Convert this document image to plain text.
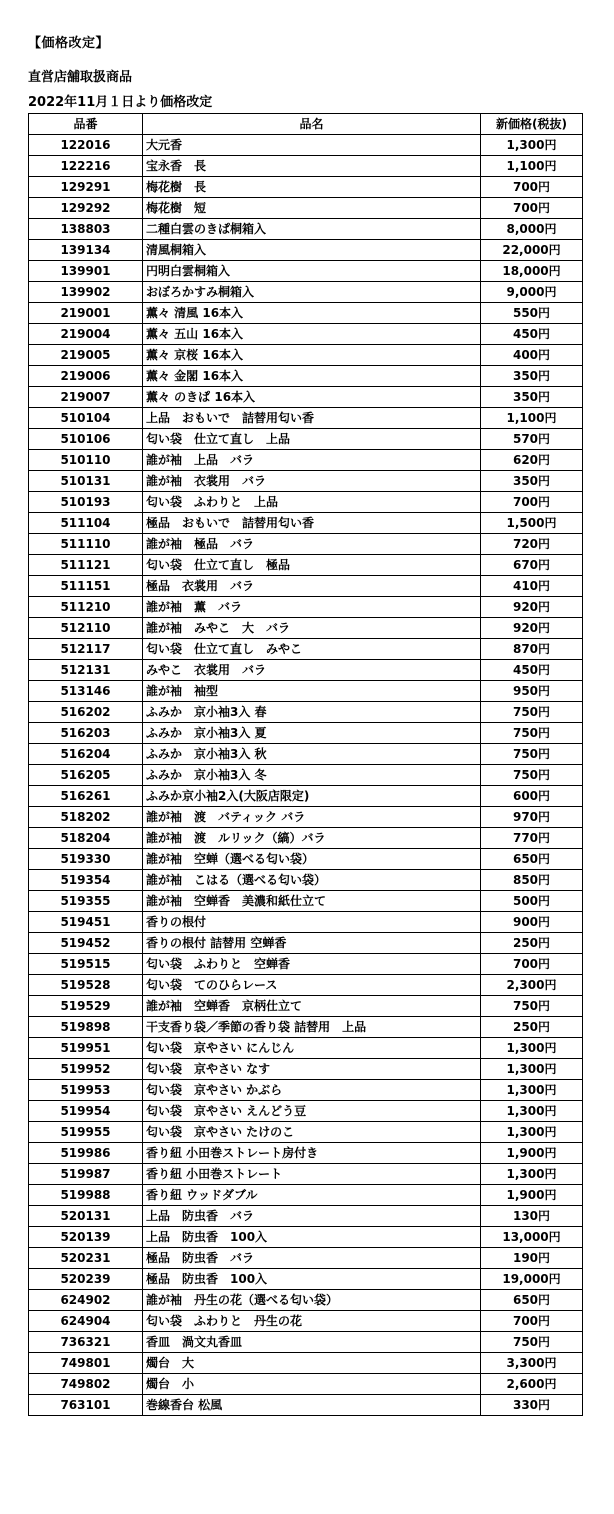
【価格改定】
直営店舗取扱商品
2022年11月１日より価格改定
品番	品名	新価格(税抜)
122016	大元香	1,300円
122216	宝永香　長	1,100円
129291	梅花樹　長	700円
129292	梅花樹　短	700円
138803	二種白雲のきぱ桐箱入	8,000円
139134	清風桐箱入	22,000円
139901	円明白雲桐箱入	18,000円
139902	おぼろかすみ桐箱入	9,000円
219001	薫々 清風 16本入	550円
219004	薫々 五山 16本入	450円
219005	薫々 京桜 16本入	400円
219006	薫々 金閣 16本入	350円
219007	薫々 のきぱ 16本入	350円
510104	上品　おもいで　詰替用匂い香	1,100円
510106	匂い袋　仕立て直し　上品	570円
510110	誰が袖　上品　バラ	620円
510131	誰が袖　衣裳用　バラ	350円
510193	匂い袋　ふわりと　上品	700円
511104	極品　おもいで　詰替用匂い香	1,500円
511110	誰が袖　極品　バラ	720円
511121	匂い袋　仕立て直し　極品	670円
511151	極品　衣裳用　バラ	410円
511210	誰が袖　薫　バラ	920円
512110	誰が袖　みやこ　大　バラ	920円
512117	匂い袋　仕立て直し　みやこ	870円
512131	みやこ　衣裳用　バラ	450円
513146	誰が袖　袖型	950円
516202	ふみか　京小袖3入 春	750円
516203	ふみか　京小袖3入 夏	750円
516204	ふみか　京小袖3入 秋	750円
516205	ふみか　京小袖3入 冬	750円
516261	ふみか京小袖2入(大阪店限定)	600円
518202	誰が袖　渡　バティック バラ	970円
518204	誰が袖　渡　ルリック（縞）バラ	770円
519330	誰が袖　空蝉（選べる匂い袋）	650円
519354	誰が袖　こはる（選べる匂い袋）	850円
519355	誰が袖　空蝉香　美濃和紙仕立て	500円
519451	香りの根付	900円
519452	香りの根付 詰替用 空蝉香	250円
519515	匂い袋　ふわりと　空蝉香	700円
519528	匂い袋　てのひらレース	2,300円
519529	誰が袖　空蝉香　京柄仕立て	750円
519898	干支香り袋／季節の香り袋 詰替用　上品	250円
519951	匂い袋　京やさい にんじん	1,300円
519952	匂い袋　京やさい なす	1,300円
519953	匂い袋　京やさい かぶら	1,300円
519954	匂い袋　京やさい えんどう豆	1,300円
519955	匂い袋　京やさい たけのこ	1,300円
519986	香り紐 小田巻ストレート房付き	1,900円
519987	香り紐 小田巻ストレート	1,300円
519988	香り紐 ウッドダブル	1,900円
520131	上品　防虫香　バラ	130円
520139	上品　防虫香　100入	13,000円
520231	極品　防虫香　バラ	190円
520239	極品　防虫香　100入	19,000円
624902	誰が袖　丹生の花（選べる匂い袋）	650円
624904	匂い袋　ふわりと　丹生の花	700円
736321	香皿　渦文丸香皿	750円
749801	燭台　大	3,300円
749802	燭台　小	2,600円
763101	巻線香台 松風	330円
